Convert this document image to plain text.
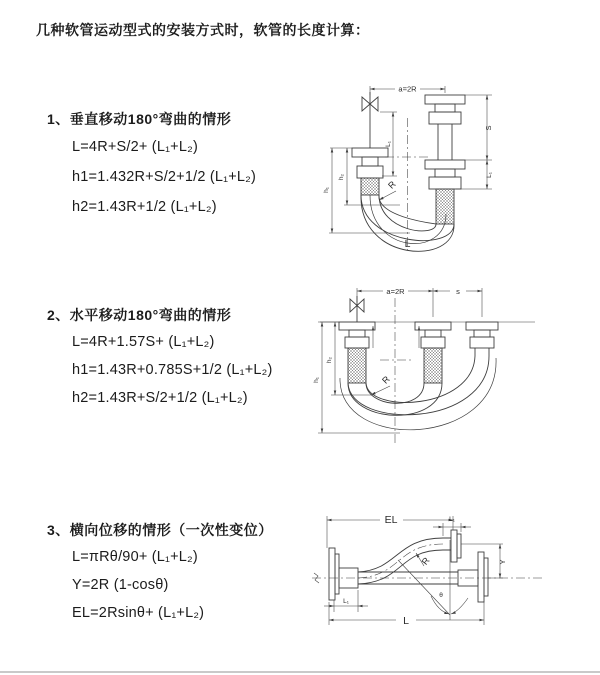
几种软管运动型式的安装方式时，软管的长度计算：
1、垂直移动180°弯曲的情形
L=4R+S/2+ (L₁+L₂)
h1=1.432R+S/2+1/2 (L₁+L₂)
h2=1.43R+1/2 (L₁+L₂)
2、水平移动180°弯曲的情形
L=4R+1.57S+ (L₁+L₂)
h1=1.43R+0.785S+1/2 (L₁+L₂)
h2=1.43R+S/2+1/2 (L₁+L₂)
3、横向位移的情形（一次性变位）
L=πRθ/90+ (L₁+L₂)
Y=2R (1-cosθ)
EL=2Rsinθ+ (L₁+L₂)
a=2R
h₁
h₂
L₁
S
L₁
R
L
a=2R	s
h₁
h₂
R
EL	L₁
Y
R
θ
L
L₁
